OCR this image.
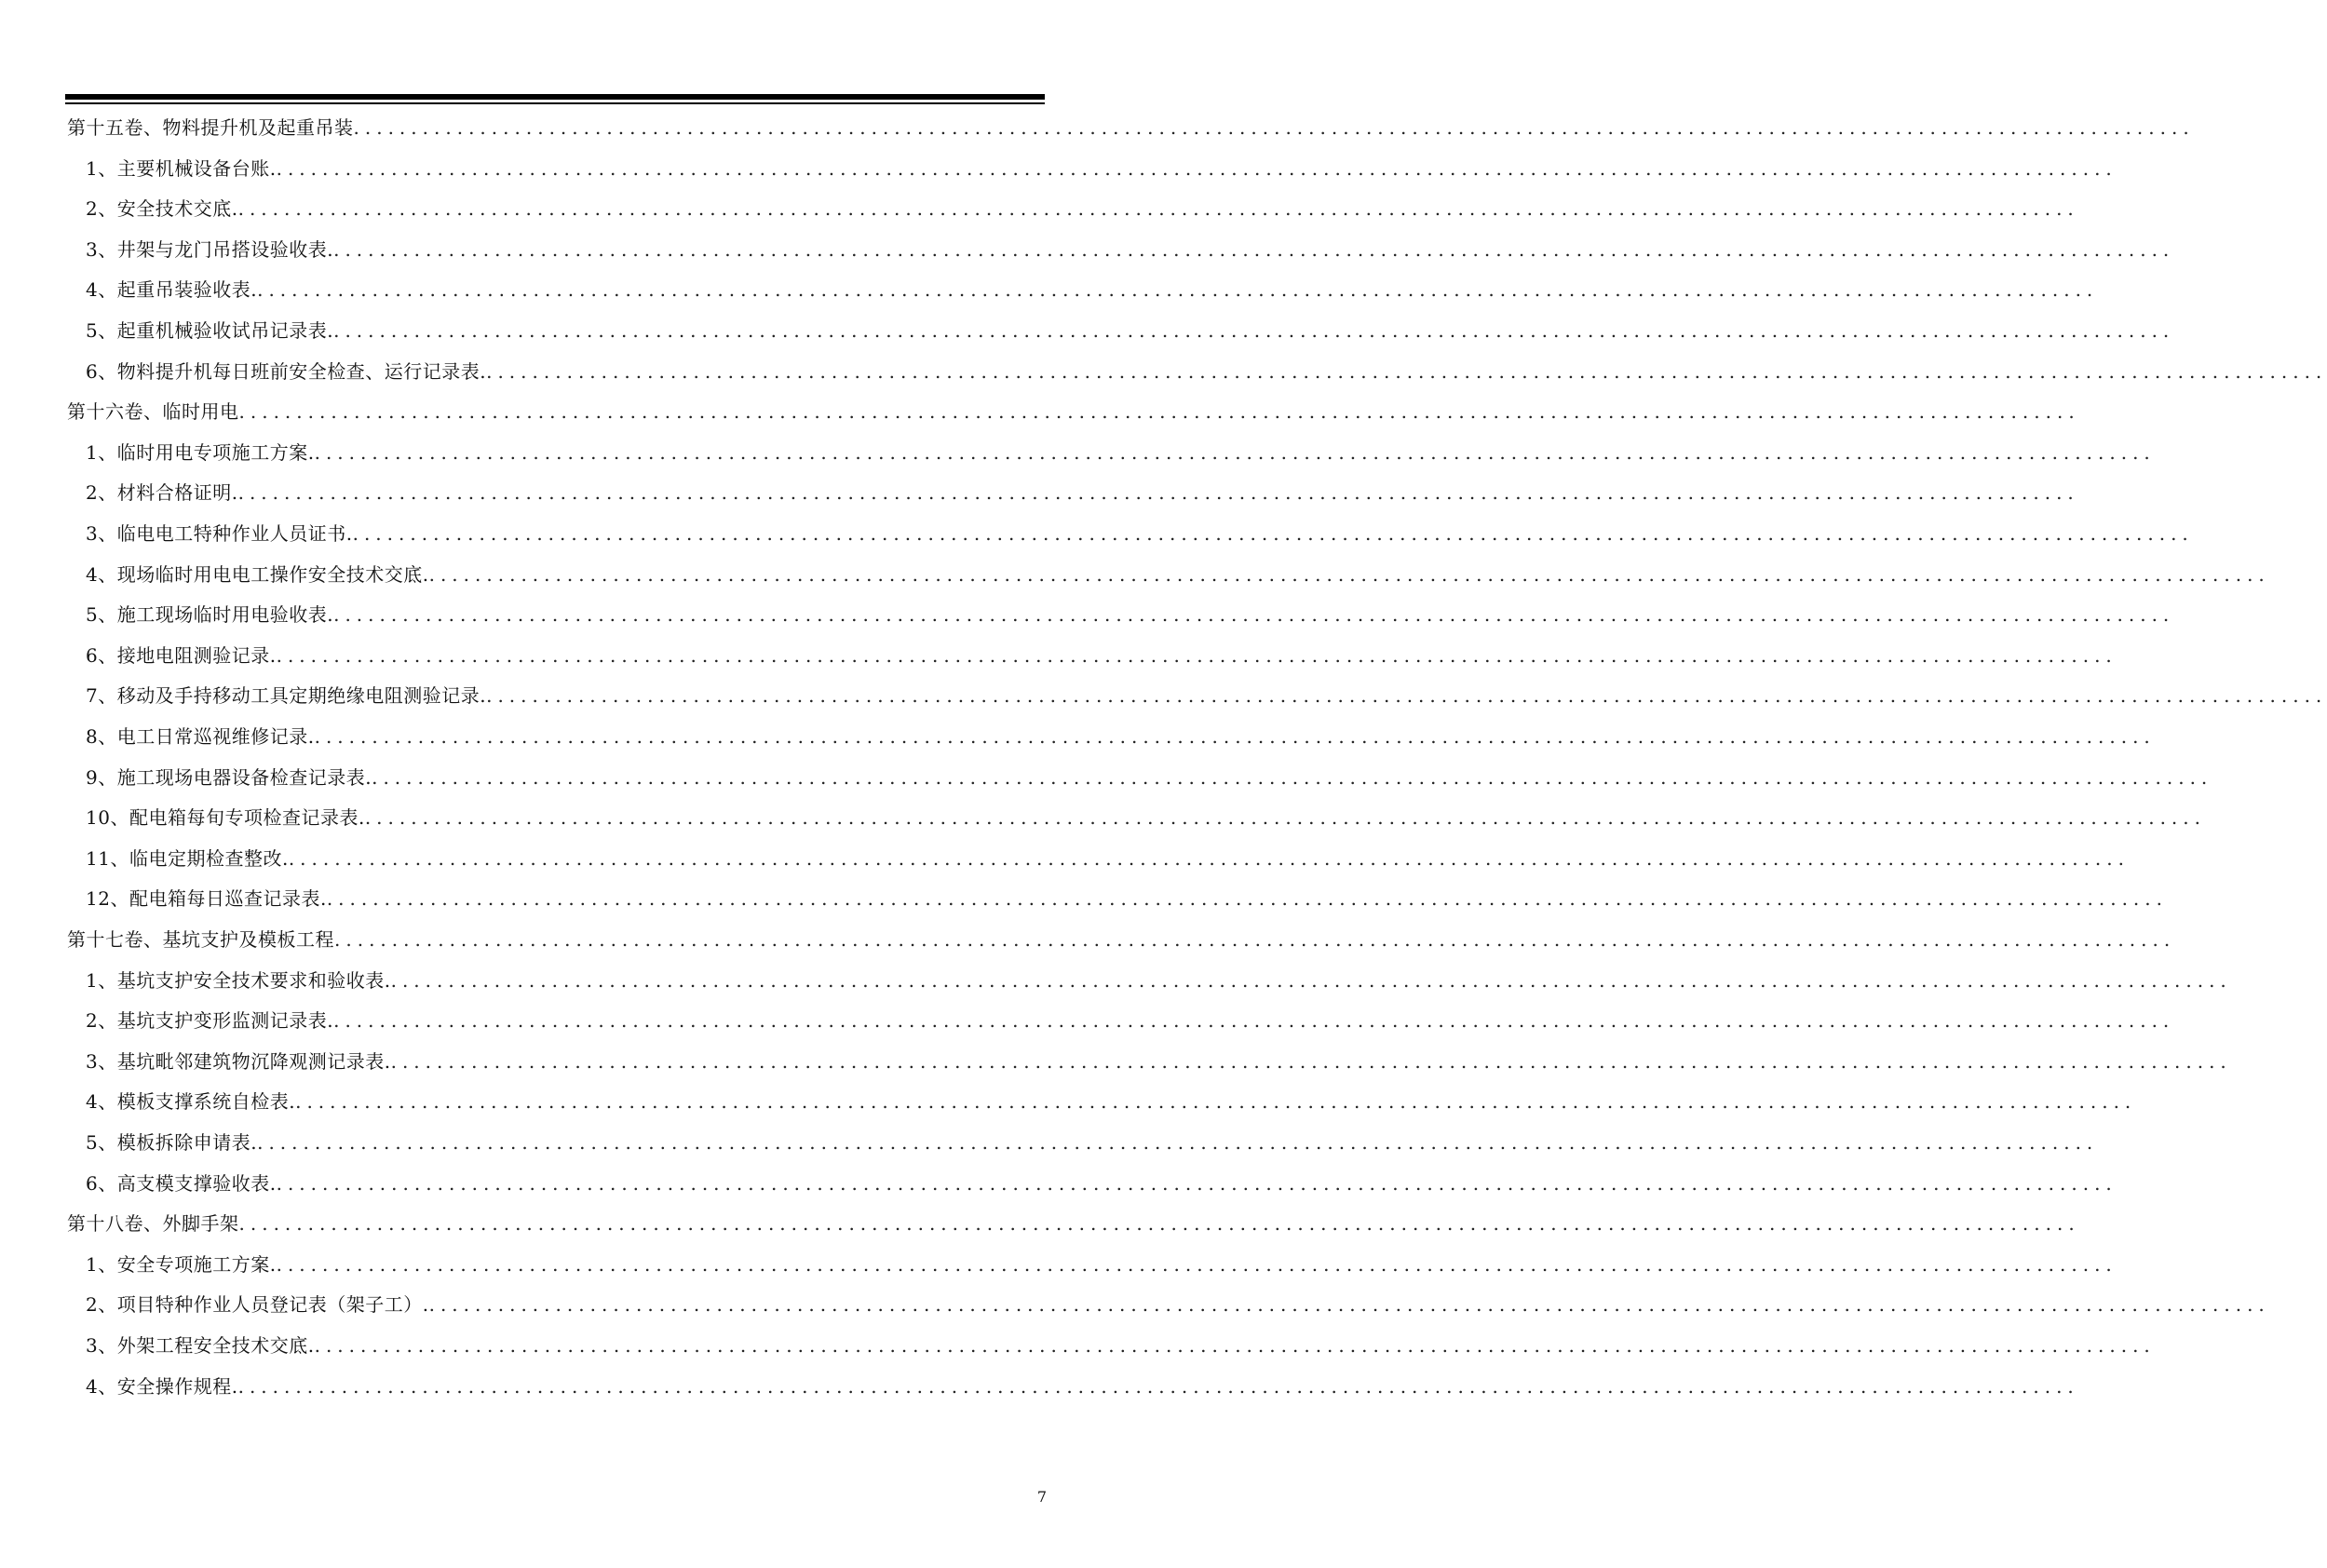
第十五卷、物料提升机及起重吊装................................................................................................................................................................
1、主要机械设备台账.................................................................................................................................................................
2、安全技术交底.................................................................................................................................................................
3、井架与龙门吊搭设验收表.................................................................................................................................................................
4、起重吊装验收表.................................................................................................................................................................
5、起重机械验收试吊记录表.................................................................................................................................................................
6、物料提升机每日班前安全检查、运行记录表.................................................................................................................................................................
第十六卷、临时用电................................................................................................................................................................
1、临时用电专项施工方案.................................................................................................................................................................
2、材料合格证明.................................................................................................................................................................
3、临电电工特种作业人员证书.................................................................................................................................................................
4、现场临时用电电工操作安全技术交底.................................................................................................................................................................
5、施工现场临时用电验收表.................................................................................................................................................................
6、接地电阻测验记录.................................................................................................................................................................
7、移动及手持移动工具定期绝缘电阻测验记录.................................................................................................................................................................
8、电工日常巡视维修记录.................................................................................................................................................................
9、施工现场电器设备检查记录表.................................................................................................................................................................
10、配电箱每旬专项检查记录表.................................................................................................................................................................
11、临电定期检查整改.................................................................................................................................................................
12、配电箱每日巡查记录表.................................................................................................................................................................
第十七卷、基坑支护及模板工程................................................................................................................................................................
1、基坑支护安全技术要求和验收表.................................................................................................................................................................
2、基坑支护变形监测记录表.................................................................................................................................................................
3、基坑毗邻建筑物沉降观测记录表.................................................................................................................................................................
4、模板支撑系统自检表.................................................................................................................................................................
5、模板拆除申请表.................................................................................................................................................................
6、高支模支撑验收表.................................................................................................................................................................
第十八卷、外脚手架................................................................................................................................................................
1、安全专项施工方案.................................................................................................................................................................
2、项目特种作业人员登记表（架子工）.................................................................................................................................................................
3、外架工程安全技术交底.................................................................................................................................................................
4、安全操作规程.................................................................................................................................................................
7
